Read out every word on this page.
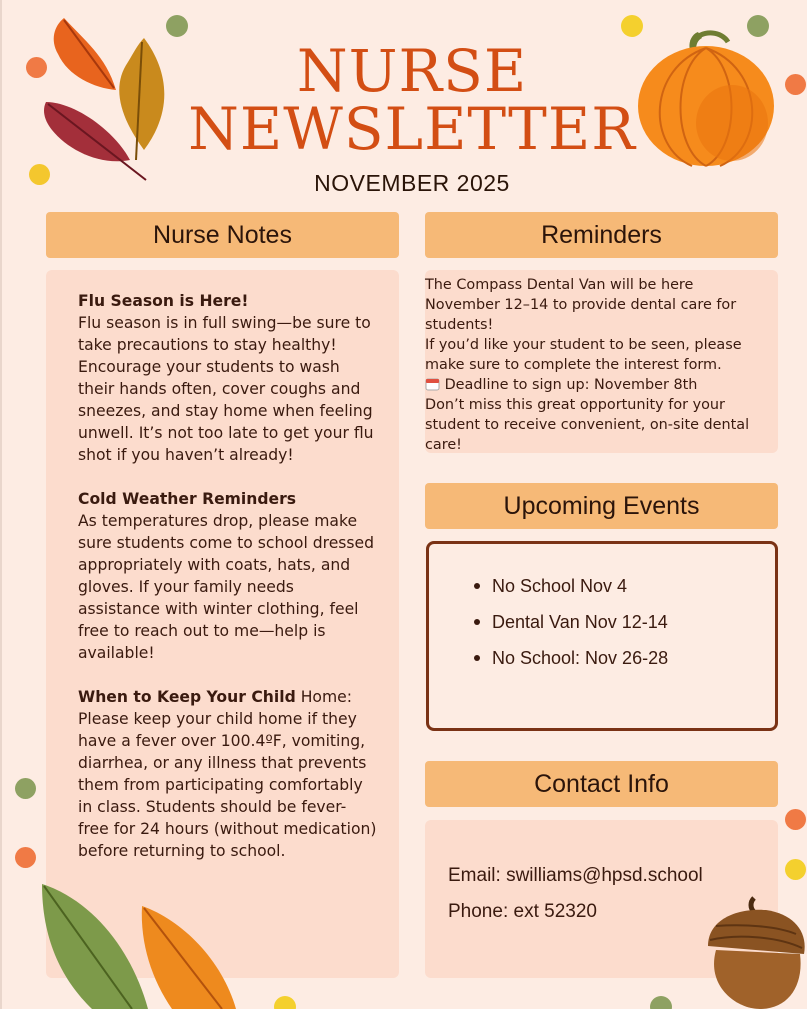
NURSE
NEWSLETTER
NOVEMBER 2025
Nurse Notes

Flu Season is Here!
Flu season is in full swing—be sure to take precautions to stay healthy! Encourage your students to wash their hands often, cover coughs and sneezes, and stay home when feeling unwell. It’s not too late to get your flu shot if you haven’t already!

Cold Weather Reminders
As temperatures drop, please make sure students come to school dressed appropriately with coats, hats, and gloves. If your family needs assistance with winter clothing, feel free to reach out to me—help is available!

When to Keep Your Child Home:
Please keep your child home if they have a fever over 100.4ºF, vomiting, diarrhea, or any illness that prevents them from participating comfortably in class. Students should be fever-free for 24 hours (without medication) before returning to school.

Reminders
The Compass Dental Van will be here November 12–14 to provide dental care for students!
If you’d like your student to be seen, please make sure to complete the interest form.
Deadline to sign up: November 8th
Don’t miss this great opportunity for your student to receive convenient, on-site dental care!
Upcoming Events
No School Nov 4
Dental Van Nov 12-14
No School: Nov 26-28
Contact Info
Email: swilliams@hpsd.school
Phone: ext 52320
